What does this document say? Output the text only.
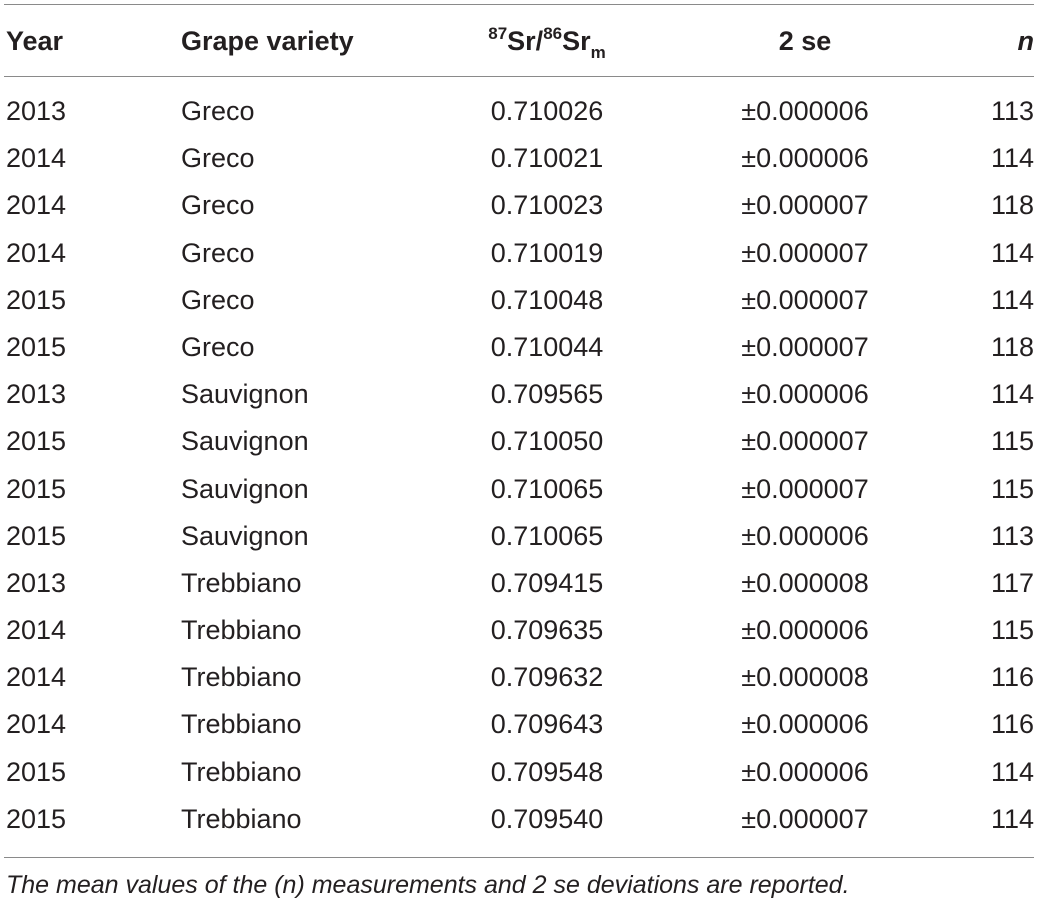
Year	Grape variety	$^{87}Sr/^{86}Sr_m$	2 se	n
2013	Greco	0.710026	±0.000006	113
2014	Greco	0.710021	±0.000006	114
2014	Greco	0.710023	±0.000007	118
2014	Greco	0.710019	±0.000007	114
2015	Greco	0.710048	±0.000007	114
2015	Greco	0.710044	±0.000007	118
2013	Sauvignon	0.709565	±0.000006	114
2015	Sauvignon	0.710050	±0.000007	115
2015	Sauvignon	0.710065	±0.000007	115
2015	Sauvignon	0.710065	±0.000006	113
2013	Trebbiano	0.709415	±0.000008	117
2014	Trebbiano	0.709635	±0.000006	115
2014	Trebbiano	0.709632	±0.000008	116
2014	Trebbiano	0.709643	±0.000006	116
2015	Trebbiano	0.709548	±0.000006	114
2015	Trebbiano	0.709540	±0.000007	114
The mean values of the (n) measurements and 2 se deviations are reported.
